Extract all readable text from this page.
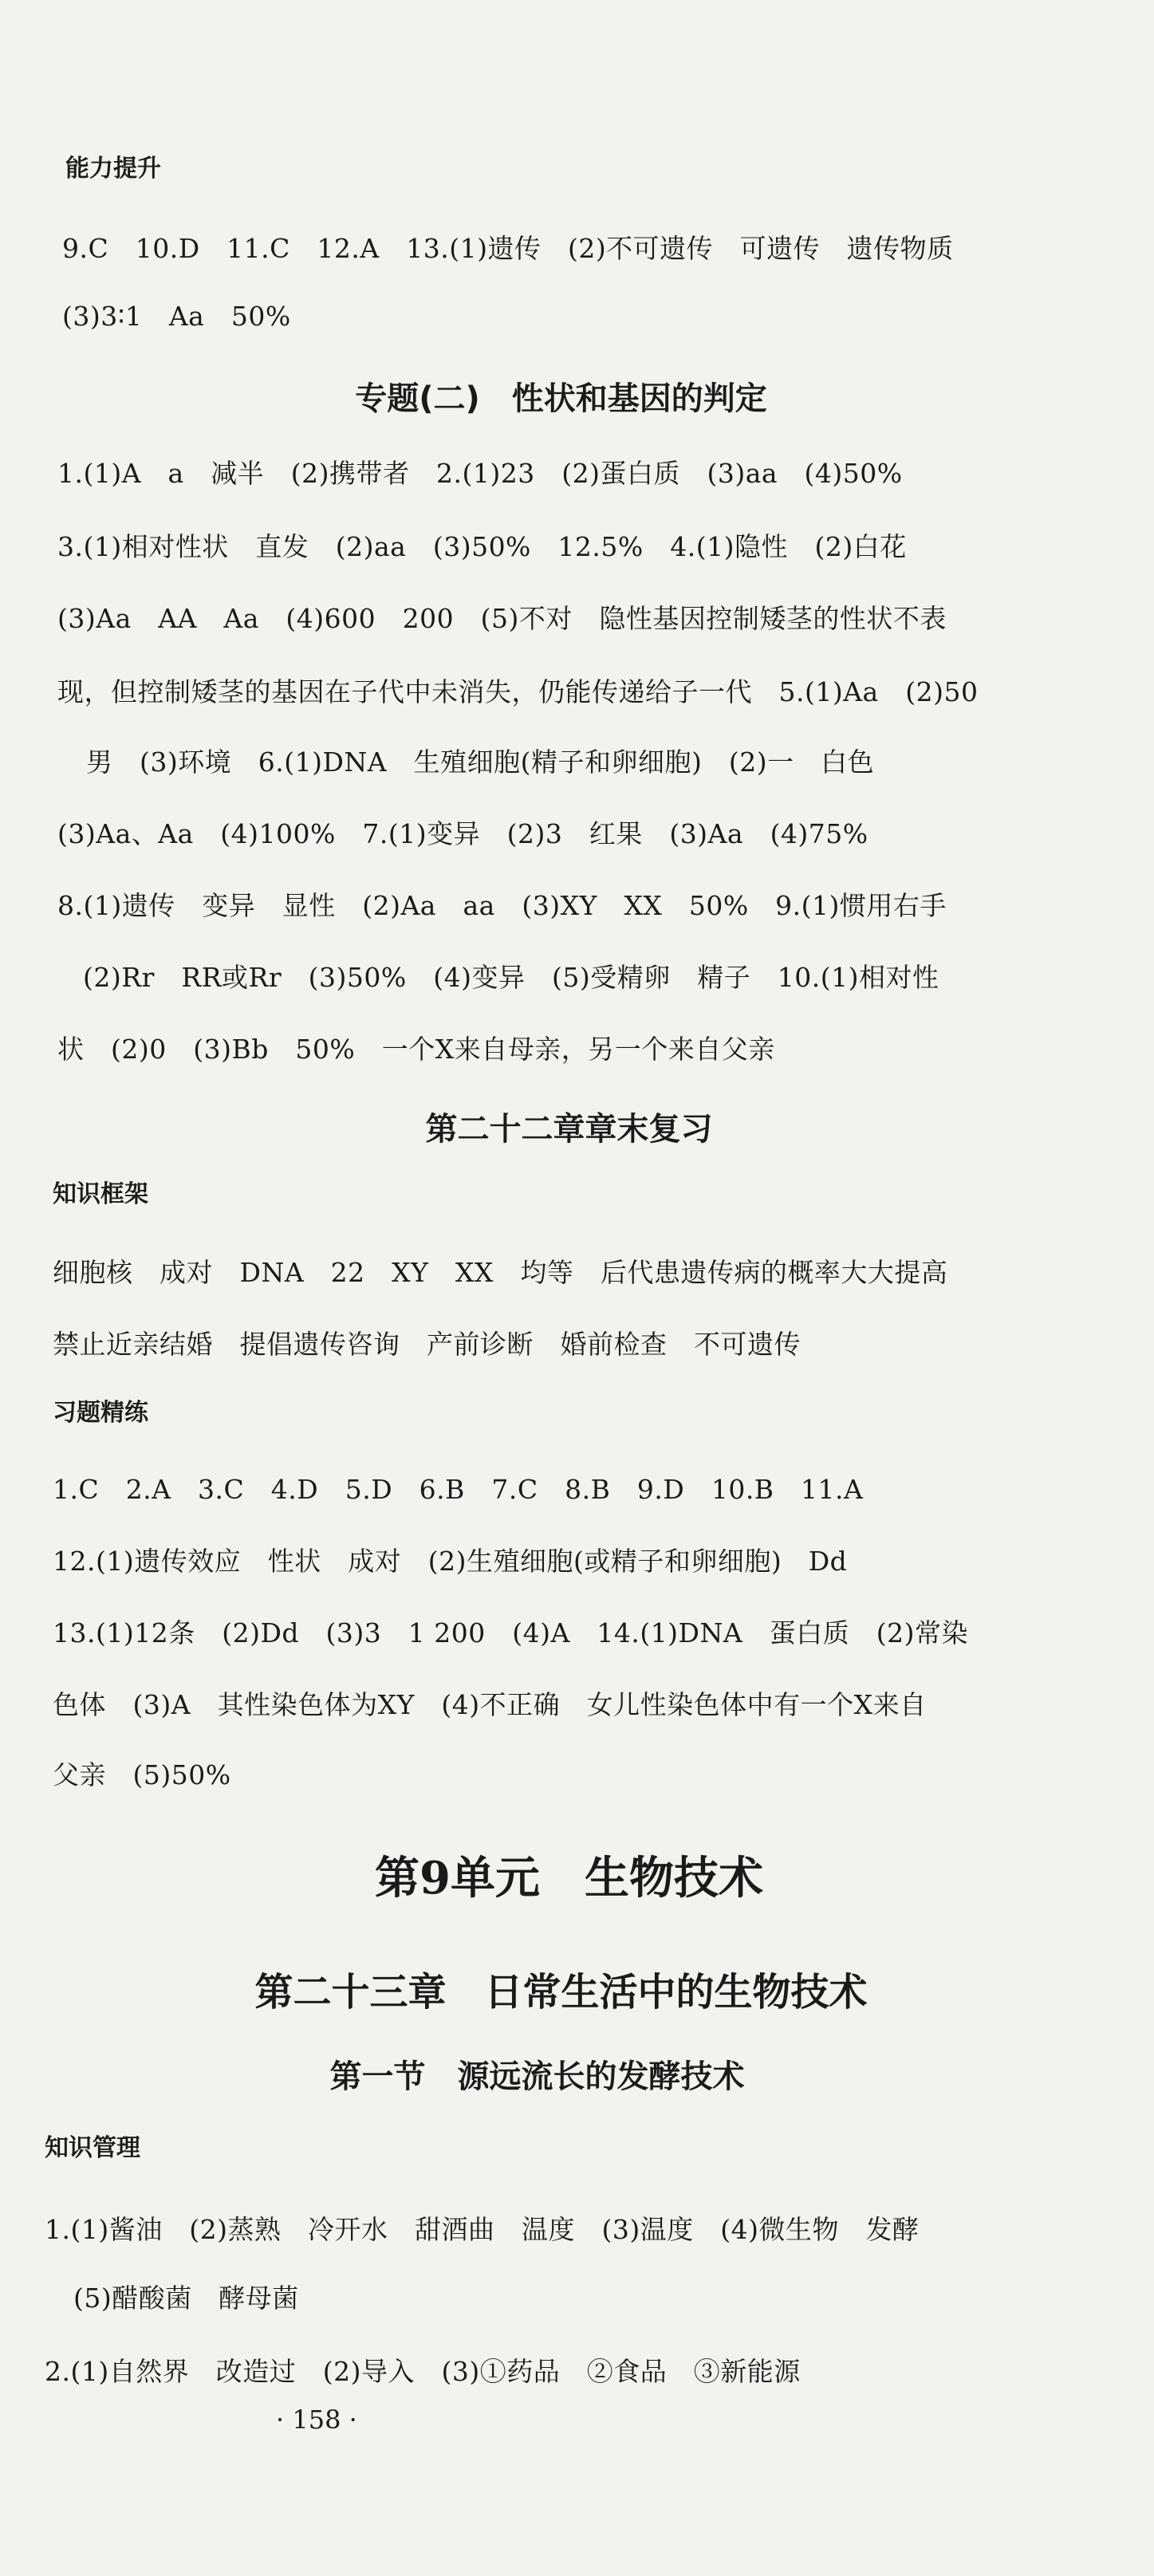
能力提升
9.C　10.D　11.C　12.A　13.(1)遗传　(2)不可遗传　可遗传　遗传物质
(3)3∶1　Aa　50%
专题(二)　性状和基因的判定
1.(1)A　a　减半　(2)携带者　2.(1)23　(2)蛋白质　(3)aa　(4)50%
3.(1)相对性状　直发　(2)aa　(3)50%　12.5%　4.(1)隐性　(2)白花
(3)Aa　AA　Aa　(4)600　200　(5)不对　隐性基因控制矮茎的性状不表
现，但控制矮茎的基因在子代中未消失，仍能传递给子一代　5.(1)Aa　(2)50
男　(3)环境　6.(1)DNA　生殖细胞(精子和卵细胞)　(2)一　白色
(3)Aa、Aa　(4)100%　7.(1)变异　(2)3　红果　(3)Aa　(4)75%
8.(1)遗传　变异　显性　(2)Aa　aa　(3)XY　XX　50%　9.(1)惯用右手
(2)Rr　RR或Rr　(3)50%　(4)变异　(5)受精卵　精子　10.(1)相对性
状　(2)0　(3)Bb　50%　一个X来自母亲，另一个来自父亲
第二十二章章末复习
知识框架
细胞核　成对　DNA　22　XY　XX　均等　后代患遗传病的概率大大提高
禁止近亲结婚　提倡遗传咨询　产前诊断　婚前检查　不可遗传
习题精练
1.C　2.A　3.C　4.D　5.D　6.B　7.C　8.B　9.D　10.B　11.A
12.(1)遗传效应　性状　成对　(2)生殖细胞(或精子和卵细胞)　Dd
13.(1)12条　(2)Dd　(3)3　1 200　(4)A　14.(1)DNA　蛋白质　(2)常染
色体　(3)A　其性染色体为XY　(4)不正确　女儿性染色体中有一个X来自
父亲　(5)50%
第9单元　生物技术
第二十三章　日常生活中的生物技术
第一节　源远流长的发酵技术
知识管理
1.(1)酱油　(2)蒸熟　冷开水　甜酒曲　温度　(3)温度　(4)微生物　发酵
(5)醋酸菌　酵母菌
2.(1)自然界　改造过　(2)导入　(3)①药品　②食品　③新能源
· 158 ·
